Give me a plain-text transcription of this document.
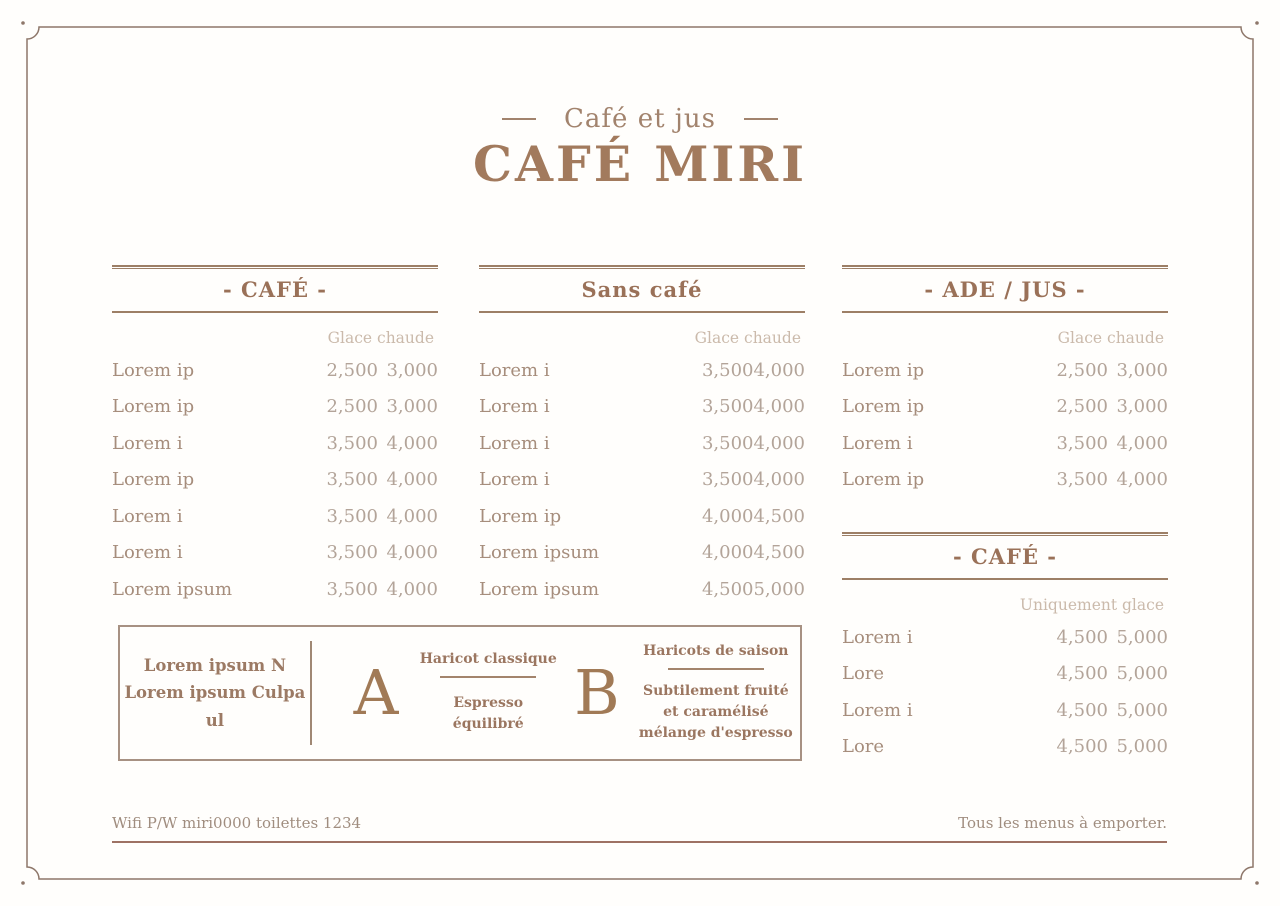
Café et jus
CAFÉ MIRI
- CAFÉ -
Glace chaude
Lorem ip	2,500 3,000
Lorem ip	2,500 3,000
Lorem i	3,500 4,000
Lorem ip	3,500 4,000
Lorem i	3,500 4,000
Lorem i	3,500 4,000
Lorem ipsum	3,500 4,000
Sans café
Glace chaude
Lorem i	3,500 4,000
Lorem i	3,500 4,000
Lorem i	3,500 4,000
Lorem i	3,500 4,000
Lorem ip	4,000 4,500
Lorem ipsum	4,000 4,500
Lorem ipsum	4,500 5,000
- ADE / JUS -
Glace chaude
Lorem ip	2,500 3,000
Lorem ip	2,500 3,000
Lorem i	3,500 4,000
Lorem ip	3,500 4,000
- CAFÉ -
Uniquement glace
Lorem i	4,500 5,000
Lore	4,500 5,000
Lorem i	4,500 5,000
Lore	4,500 5,000
Lorem ipsum N
Lorem ipsum Culpa ul	A Haricot classique
Espresso équilibré B
Haricots de saison
Subtilement fruité
et caramélisé
mélange d'espresso
Wifi P/W miri0000 toilettes 1234	Tous les menus à emporter.
